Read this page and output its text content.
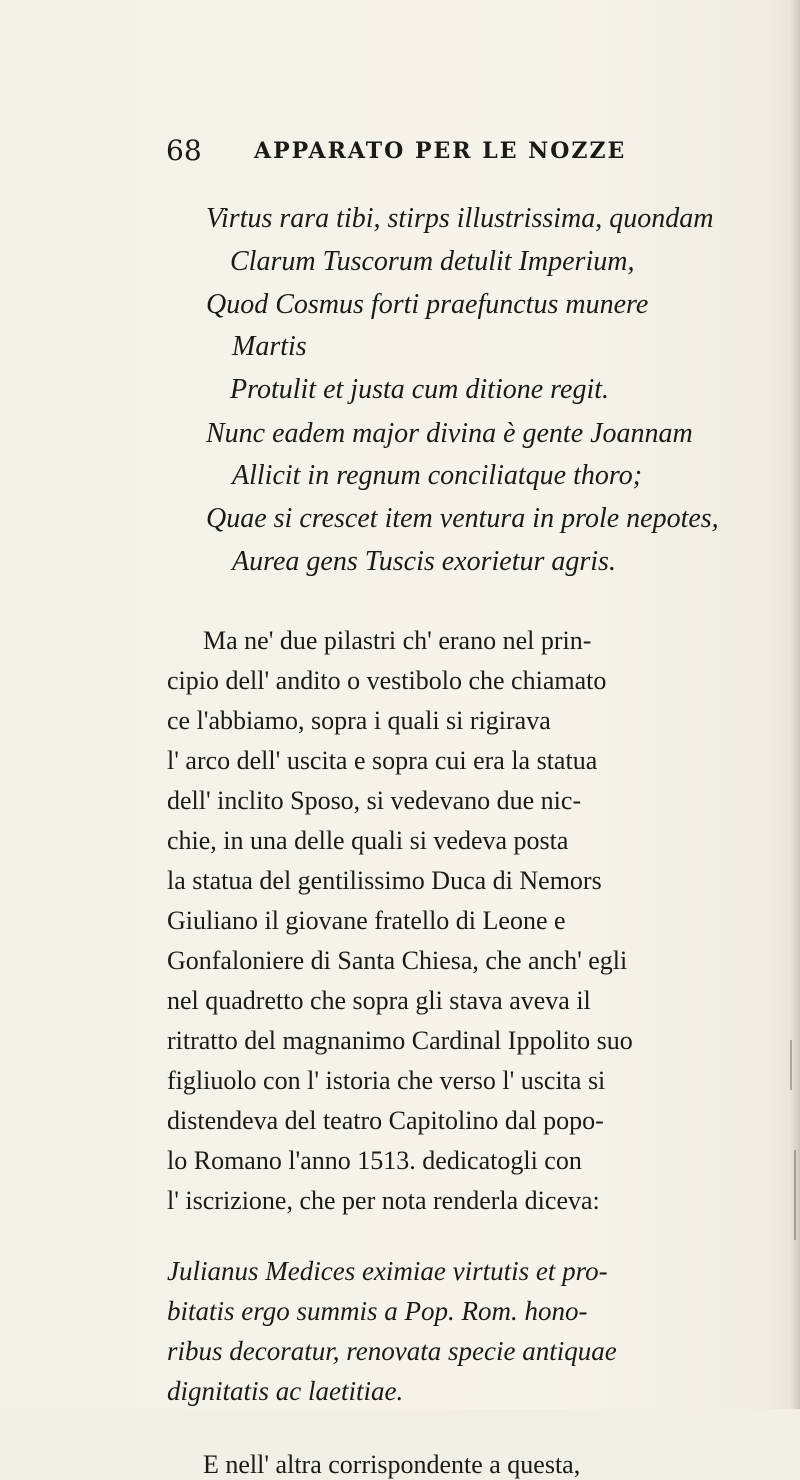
68 APPARATO PER LE NOZZE
Virtus rara tibi, stirps illustrissima, quondam
Clarum Tuscorum detulit Imperium,
Quod Cosmus forti praefunctus munere
Martis
Protulit et justa cum ditione regit.
Nunc eadem major divina è gente Joannam
Allicit in regnum conciliatque thoro;
Quae si crescet item ventura in prole nepotes,
Aurea gens Tuscis exorietur agris.
Ma ne' due pilastri ch' erano nel prin-
cipio dell' andito o vestibolo che chiamato
ce l'abbiamo, sopra i quali si rigirava
l' arco dell' uscita e sopra cui era la statua
dell' inclito Sposo, si vedevano due nic-
chie, in una delle quali si vedeva posta
la statua del gentilissimo Duca di Nemors
Giuliano il giovane fratello di Leone e
Gonfaloniere di Santa Chiesa, che anch' egli
nel quadretto che sopra gli stava aveva il
ritratto del magnanimo Cardinal Ippolito suo
figliuolo con l' istoria che verso l' uscita si
distendeva del teatro Capitolino dal popo-
lo Romano l'anno 1513. dedicatogli con
l' iscrizione, che per nota renderla diceva:
Julianus Medices eximiae virtutis et pro-
bitatis ergo summis a Pop. Rom. hono-
ribus decoratur, renovata specie antiquae
dignitatis ac laetitiae.
E nell' altra corrispondente a questa,
